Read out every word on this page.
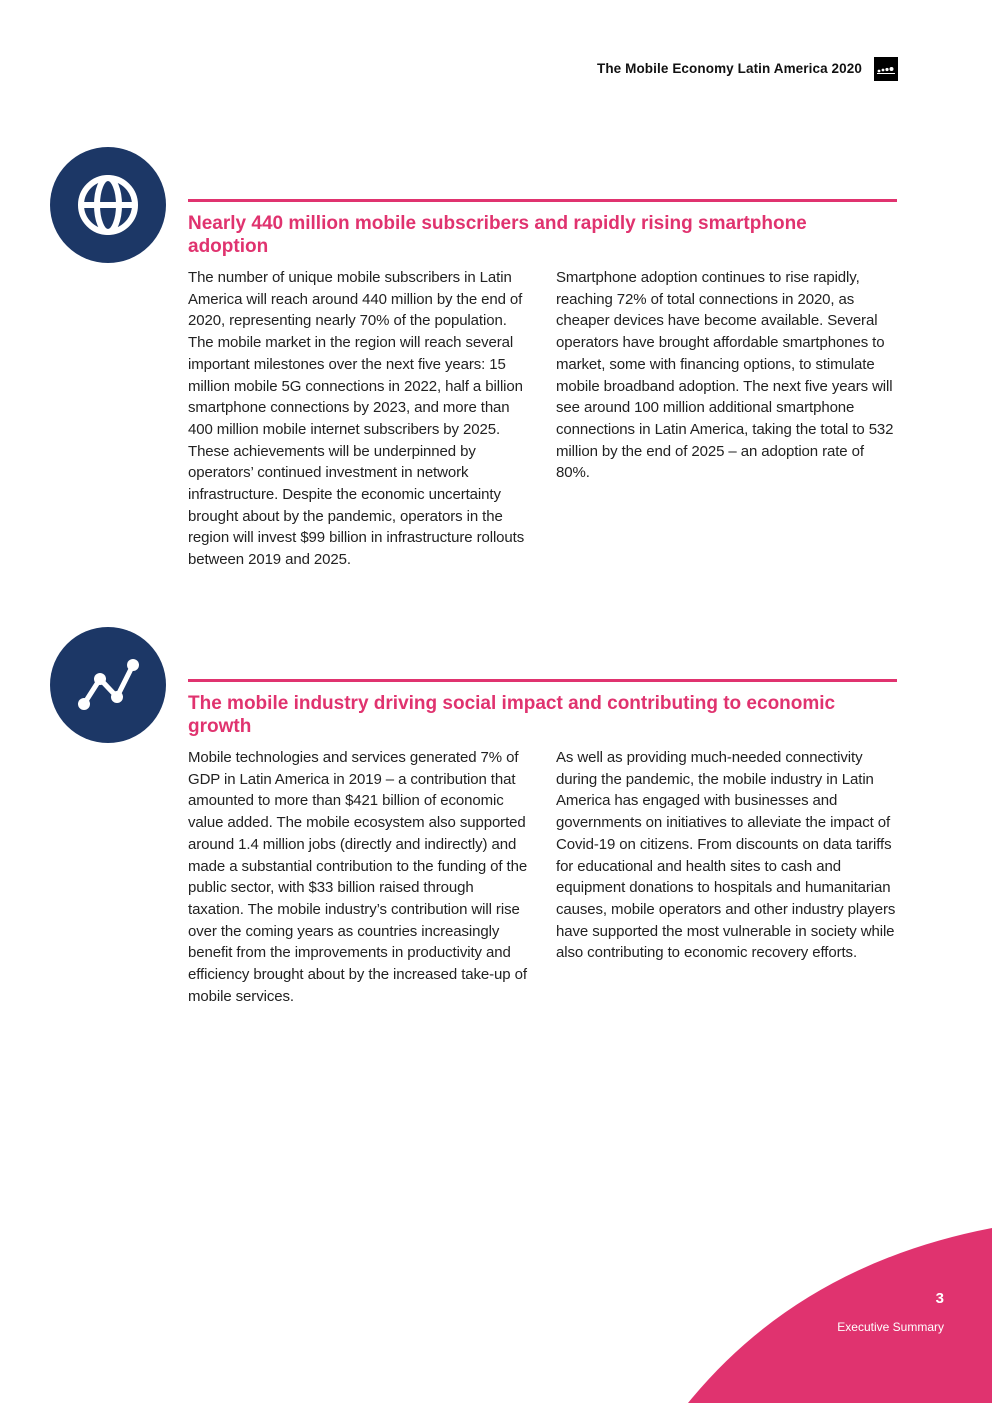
The Mobile Economy Latin America 2020
Nearly 440 million mobile subscribers and rapidly rising smartphone adoption

The number of unique mobile subscribers in Latin America will reach around 440 million by the end of 2020, representing nearly 70% of the population. The mobile market in the region will reach several important milestones over the next five years: 15 million mobile 5G connections in 2022, half a billion smartphone connections by 2023, and more than 400 million mobile internet subscribers by 2025. These achievements will be underpinned by operators’ continued investment in network infrastructure. Despite the economic uncertainty brought about by the pandemic, operators in the region will invest $99 billion in infrastructure rollouts between 2019 and 2025.

Smartphone adoption continues to rise rapidly, reaching 72% of total connections in 2020, as cheaper devices have become available. Several operators have brought affordable smartphones to market, some with financing options, to stimulate mobile broadband adoption. The next five years will see around 100 million additional smartphone connections in Latin America, taking the total to 532 million by the end of 2025 – an adoption rate of 80%.

The mobile industry driving social impact and contributing to economic growth

Mobile technologies and services generated 7% of GDP in Latin America in 2019 – a contribution that amounted to more than $421 billion of economic value added. The mobile ecosystem also supported around 1.4 million jobs (directly and indirectly) and made a substantial contribution to the funding of the public sector, with $33 billion raised through taxation. The mobile industry’s contribution will rise over the coming years as countries increasingly benefit from the improvements in productivity and efficiency brought about by the increased take-up of mobile services.

As well as providing much-needed connectivity during the pandemic, the mobile industry in Latin America has engaged with businesses and governments on initiatives to alleviate the impact of Covid-19 on citizens. From discounts on data tariffs for educational and health sites to cash and equipment donations to hospitals and humanitarian causes, mobile operators and other industry players have supported the most vulnerable in society while also contributing to economic recovery efforts.

3
Executive Summary
